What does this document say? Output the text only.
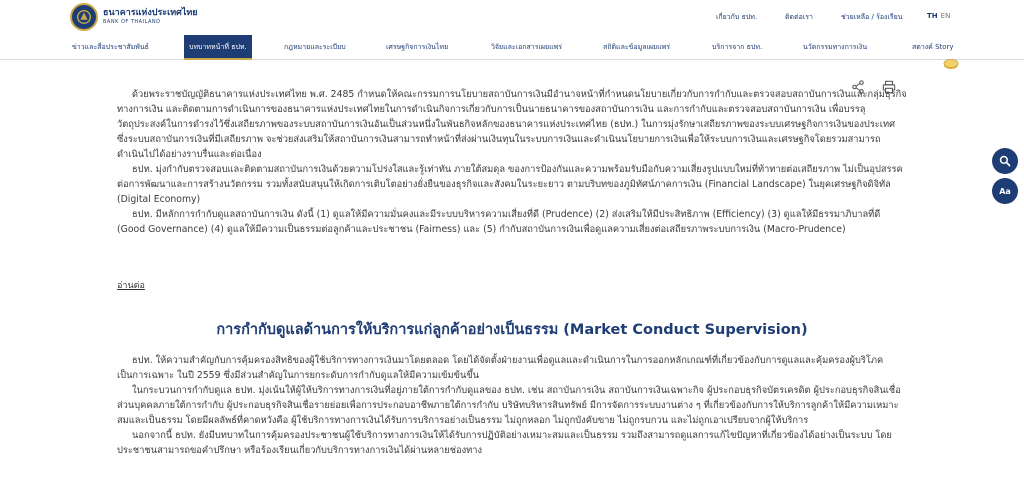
ธนาคารแห่งประเทศไทย
BANK OF THAILAND
เกี่ยวกับ ธปท.	ติดต่อเรา	ช่วยเหลือ / ร้องเรียน	TH EN
ข่าวและสื่อประชาสัมพันธ์	บทบาทหน้าที่ ธปท.	กฎหมายและระเบียบ	เศรษฐกิจการเงินไทย	วิจัยและเอกสารเผยแพร่	สถิติและข้อมูลเผยแพร่	บริการจาก ธปท.	นวัตกรรมทางการเงิน	สตางค์ Story
Aa

ด้วยพระราชบัญญัติธนาคารแห่งประเทศไทย พ.ศ. 2485 กำหนดให้คณะกรรมการนโยบายสถาบันการเงินมีอำนาจหน้าที่กำหนดนโยบายเกี่ยวกับการกำกับและตรวจสอบสถาบันการเงินและกลุ่มธุรกิจทางการเงิน และติดตามการดำเนินการของธนาคารแห่งประเทศไทยในการดำเนินกิจการเกี่ยวกับการเป็นนายธนาคารของสถาบันการเงิน และการกำกับและตรวจสอบสถาบันการเงิน เพื่อบรรลุวัตถุประสงค์ในการดำรงไว้ซึ่งเสถียรภาพของระบบสถาบันการเงินอันเป็นส่วนหนึ่งในพันธกิจหลักของธนาคารแห่งประเทศไทย (ธปท.) ในการมุ่งรักษาเสถียรภาพของระบบเศรษฐกิจการเงินของประเทศ ซึ่งระบบสถาบันการเงินที่มีเสถียรภาพ จะช่วยส่งเสริมให้สถาบันการเงินสามารถทำหน้าที่ส่งผ่านเงินทุนในระบบการเงินและดำเนินนโยบายการเงินเพื่อให้ระบบการเงินและเศรษฐกิจโดยรวมสามารถดำเนินไปได้อย่างราบรื่นและต่อเนื่อง

ธปท. มุ่งกำกับตรวจสอบและติดตามสถาบันการเงินด้วยความโปร่งใสและรู้เท่าทัน ภายใต้สมดุล ของการป้องกันและความพร้อมรับมือกับความเสี่ยงรูปแบบใหม่ที่ท้าทายต่อเสถียรภาพ ไม่เป็นอุปสรรคต่อการพัฒนาและการสร้างนวัตกรรม รวมทั้งสนับสนุนให้เกิดการเติบโตอย่างยั่งยืนของธุรกิจและสังคมในระยะยาว ตามบริบทของภูมิทัศน์ภาคการเงิน (Financial Landscape) ในยุคเศรษฐกิจดิจิทัล (Digital Economy)

ธปท. มีหลักการกำกับดูแลสถาบันการเงิน ดังนี้ (1) ดูแลให้มีความมั่นคงและมีระบบบริหารความเสี่ยงที่ดี (Prudence) (2) ส่งเสริมให้มีประสิทธิภาพ (Efficiency) (3) ดูแลให้มีธรรมาภิบาลที่ดี (Good Governance) (4) ดูแลให้มีความเป็นธรรมต่อลูกค้าและประชาชน (Fairness) และ (5) กำกับสถาบันการเงินเพื่อดูแลความเสี่ยงต่อเสถียรภาพระบบการเงิน (Macro-Prudence)

อ่านต่อ
การกำกับดูแลด้านการให้บริการแก่ลูกค้าอย่างเป็นธรรม (Market Conduct Supervision)

ธปท. ให้ความสำคัญกับการคุ้มครองสิทธิของผู้ใช้บริการทางการเงินมาโดยตลอด โดยได้จัดตั้งฝ่ายงานเพื่อดูแลและดำเนินการในการออกหลักเกณฑ์ที่เกี่ยวข้องกับการดูแลและคุ้มครองผู้บริโภคเป็นการเฉพาะ ในปี 2559 ซึ่งมีส่วนสำคัญในการยกระดับการกำกับดูแลให้มีความเข้มข้นขึ้น

ในกระบวนการกำกับดูแล ธปท. มุ่งเน้นให้ผู้ให้บริการทางการเงินที่อยู่ภายใต้การกำกับดูแลของ ธปท. เช่น สถาบันการเงิน สถาบันการเงินเฉพาะกิจ ผู้ประกอบธุรกิจบัตรเครดิต ผู้ประกอบธุรกิจสินเชื่อส่วนบุคคลภายใต้การกำกับ ผู้ประกอบธุรกิจสินเชื่อรายย่อยเพื่อการประกอบอาชีพภายใต้การกำกับ บริษัทบริหารสินทรัพย์ มีการจัดการระบบงานต่าง ๆ ที่เกี่ยวข้องกับการให้บริการลูกค้าให้มีความเหมาะสมและเป็นธรรม โดยมีผลลัพธ์ที่คาดหวังคือ ผู้ใช้บริการทางการเงินได้รับการบริการอย่างเป็นธรรม ไม่ถูกหลอก ไม่ถูกบังคับขาย ไม่ถูกรบกวน และไม่ถูกเอาเปรียบจากผู้ให้บริการ

นอกจากนี้ ธปท. ยังมีบทบาทในการคุ้มครองประชาชนผู้ใช้บริการทางการเงินให้ได้รับการปฏิบัติอย่างเหมาะสมและเป็นธรรม รวมถึงสามารถดูแลการแก้ไขปัญหาที่เกี่ยวข้องได้อย่างเป็นระบบ โดยประชาชนสามารถขอคำปรึกษา หรือร้องเรียนเกี่ยวกับบริการทางการเงินได้ผ่านหลายช่องทาง
